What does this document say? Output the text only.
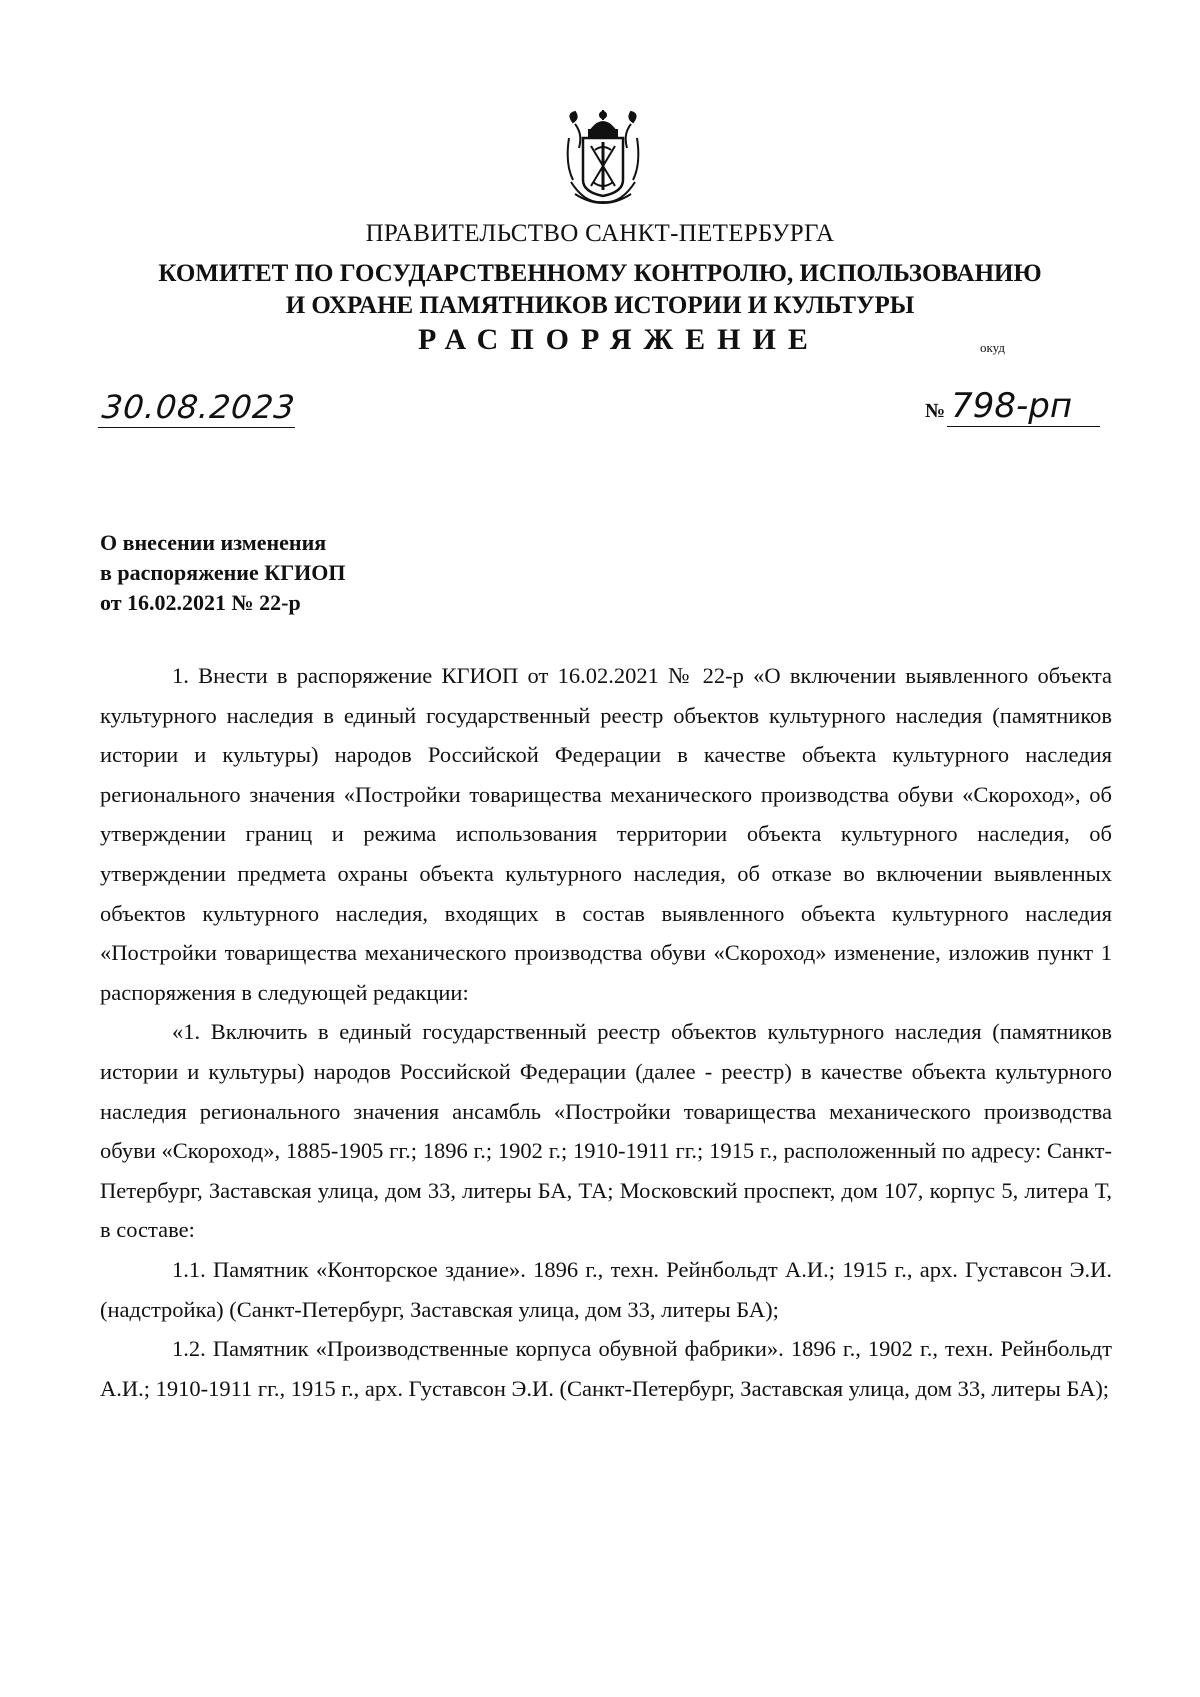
ПРАВИТЕЛЬСТВО САНКТ-ПЕТЕРБУРГА
КОМИТЕТ ПО ГОСУДАРСТВЕННОМУ КОНТРОЛЮ, ИСПОЛЬЗОВАНИЮ
И ОХРАНЕ ПАМЯТНИКОВ ИСТОРИИ И КУЛЬТУРЫ
РАСПОРЯЖЕНИЕ	окуд
30.08.2023	№ 798-рп
О внесении изменения
в распоряжение КГИОП
от 16.02.2021 № 22-р

1. Внести в распоряжение КГИОП от 16.02.2021 № 22-р «О включении выявленного объекта культурного наследия в единый государственный реестр объектов культурного наследия (памятников истории и культуры) народов Российской Федерации в качестве объекта культурного наследия регионального значения «Постройки товарищества механического производства обуви «Скороход», об утверждении границ и режима использования территории объекта культурного наследия, об утверждении предмета охраны объекта культурного наследия, об отказе во включении выявленных объектов культурного наследия, входящих в состав выявленного объекта культурного наследия «Постройки товарищества механического производства обуви «Скороход» изменение, изложив пункт 1 распоряжения в следующей редакции:

«1. Включить в единый государственный реестр объектов культурного наследия (памятников истории и культуры) народов Российской Федерации (далее - реестр) в качестве объекта культурного наследия регионального значения ансамбль «Постройки товарищества механического производства обуви «Скороход», 1885-1905 гг.; 1896 г.; 1902 г.; 1910-1911 гг.; 1915 г., расположенный по адресу: Санкт-Петербург, Заставская улица, дом 33, литеры БА, ТА; Московский проспект, дом 107, корпус 5, литера Т, в составе:

1.1. Памятник «Конторское здание». 1896 г., техн. Рейнбольдт А.И.; 1915 г., арх. Густавсон Э.И. (надстройка) (Санкт-Петербург, Заставская улица, дом 33, литеры БА);

1.2. Памятник «Производственные корпуса обувной фабрики». 1896 г., 1902 г., техн. Рейнбольдт А.И.; 1910-1911 гг., 1915 г., арх. Густавсон Э.И. (Санкт-Петербург, Заставская улица, дом 33, литеры БА);
